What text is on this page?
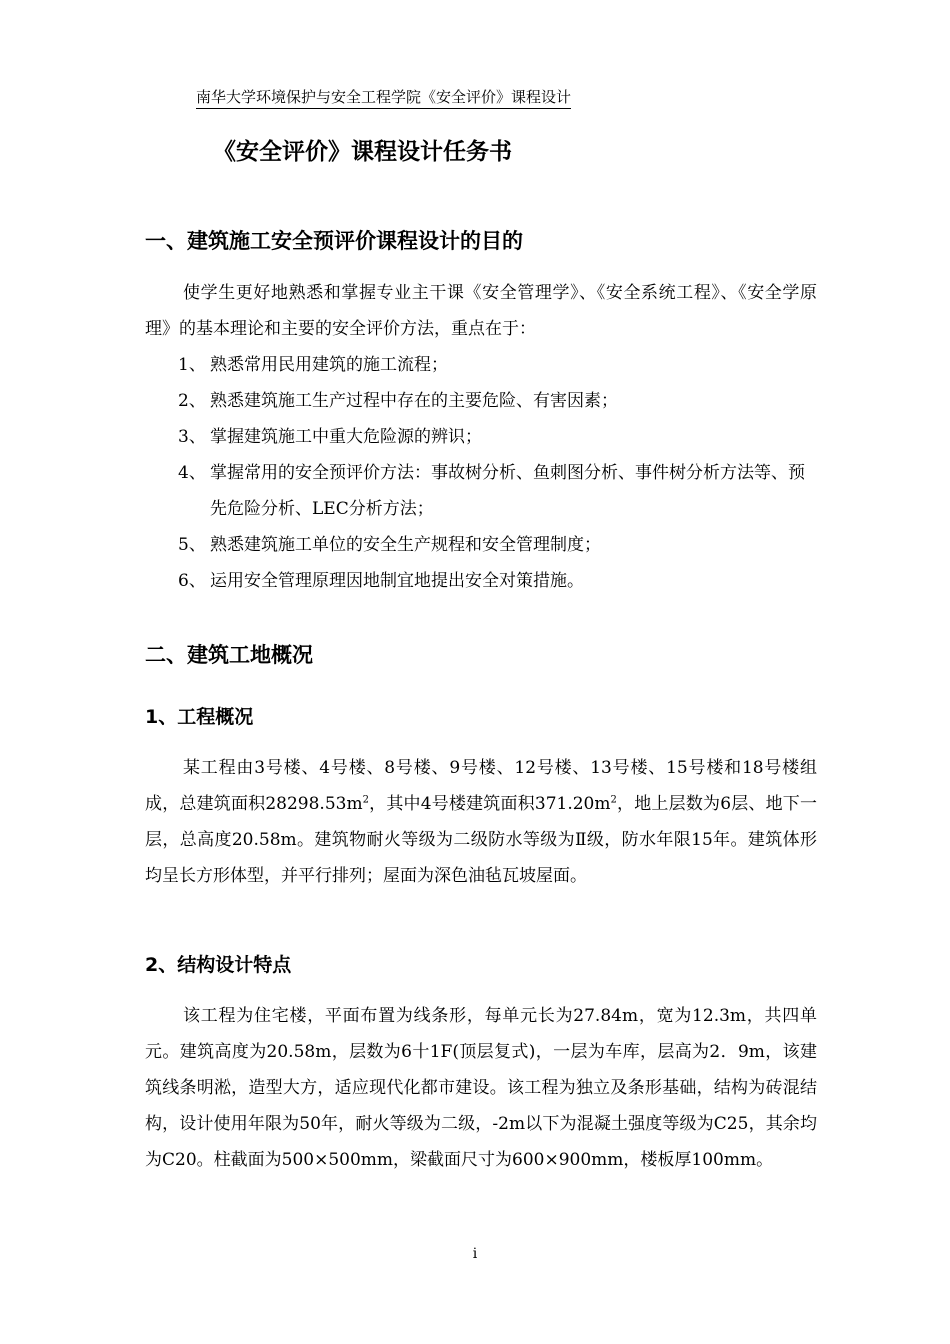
南华大学环境保护与安全工程学院《安全评价》课程设计
《安全评价》课程设计任务书
一、建筑施工安全预评价课程设计的目的
使学生更好地熟悉和掌握专业主干课《安全管理学》、《安全系统工程》、《安全学原理》的基本理论和主要的安全评价方法，重点在于：
1、 熟悉常用民用建筑的施工流程；
2、 熟悉建筑施工生产过程中存在的主要危险、有害因素；
3、 掌握建筑施工中重大危险源的辨识；
4、 掌握常用的安全预评价方法：事故树分析、鱼刺图分析、事件树分析方法等、预先危险分析、LEC分析方法；
5、 熟悉建筑施工单位的安全生产规程和安全管理制度；
6、 运用安全管理原理因地制宜地提出安全对策措施。
二、建筑工地概况
1、工程概况
某工程由3号楼、4号楼、8号楼、9号楼、12号楼、13号楼、15号楼和18号楼组成，总建筑面积$28298.53m^2$，其中4号楼建筑面积$371.20m^2$，地上层数为6层、地下一层，总高度20.58m。建筑物耐火等级为二级防水等级为Ⅱ级，防水年限15年。建筑体形均呈长方形体型，并平行排列；屋面为深色油毡瓦坡屋面。
2、结构设计特点
该工程为住宅楼，平面布置为线条形，每单元长为27.84m，宽为12.3m，共四单元。建筑高度为20.58m，层数为6十1F(顶层复式)，一层为车库，层高为2．9m，该建筑线条明淞，造型大方，适应现代化都市建设。该工程为独立及条形基础，结构为砖混结构，设计使用年限为50年，耐火等级为二级，-2m以下为混凝土强度等级为C25，其余均为C20。柱截面为500×500mm，梁截面尺寸为600×900mm，楼板厚100mm。
i
